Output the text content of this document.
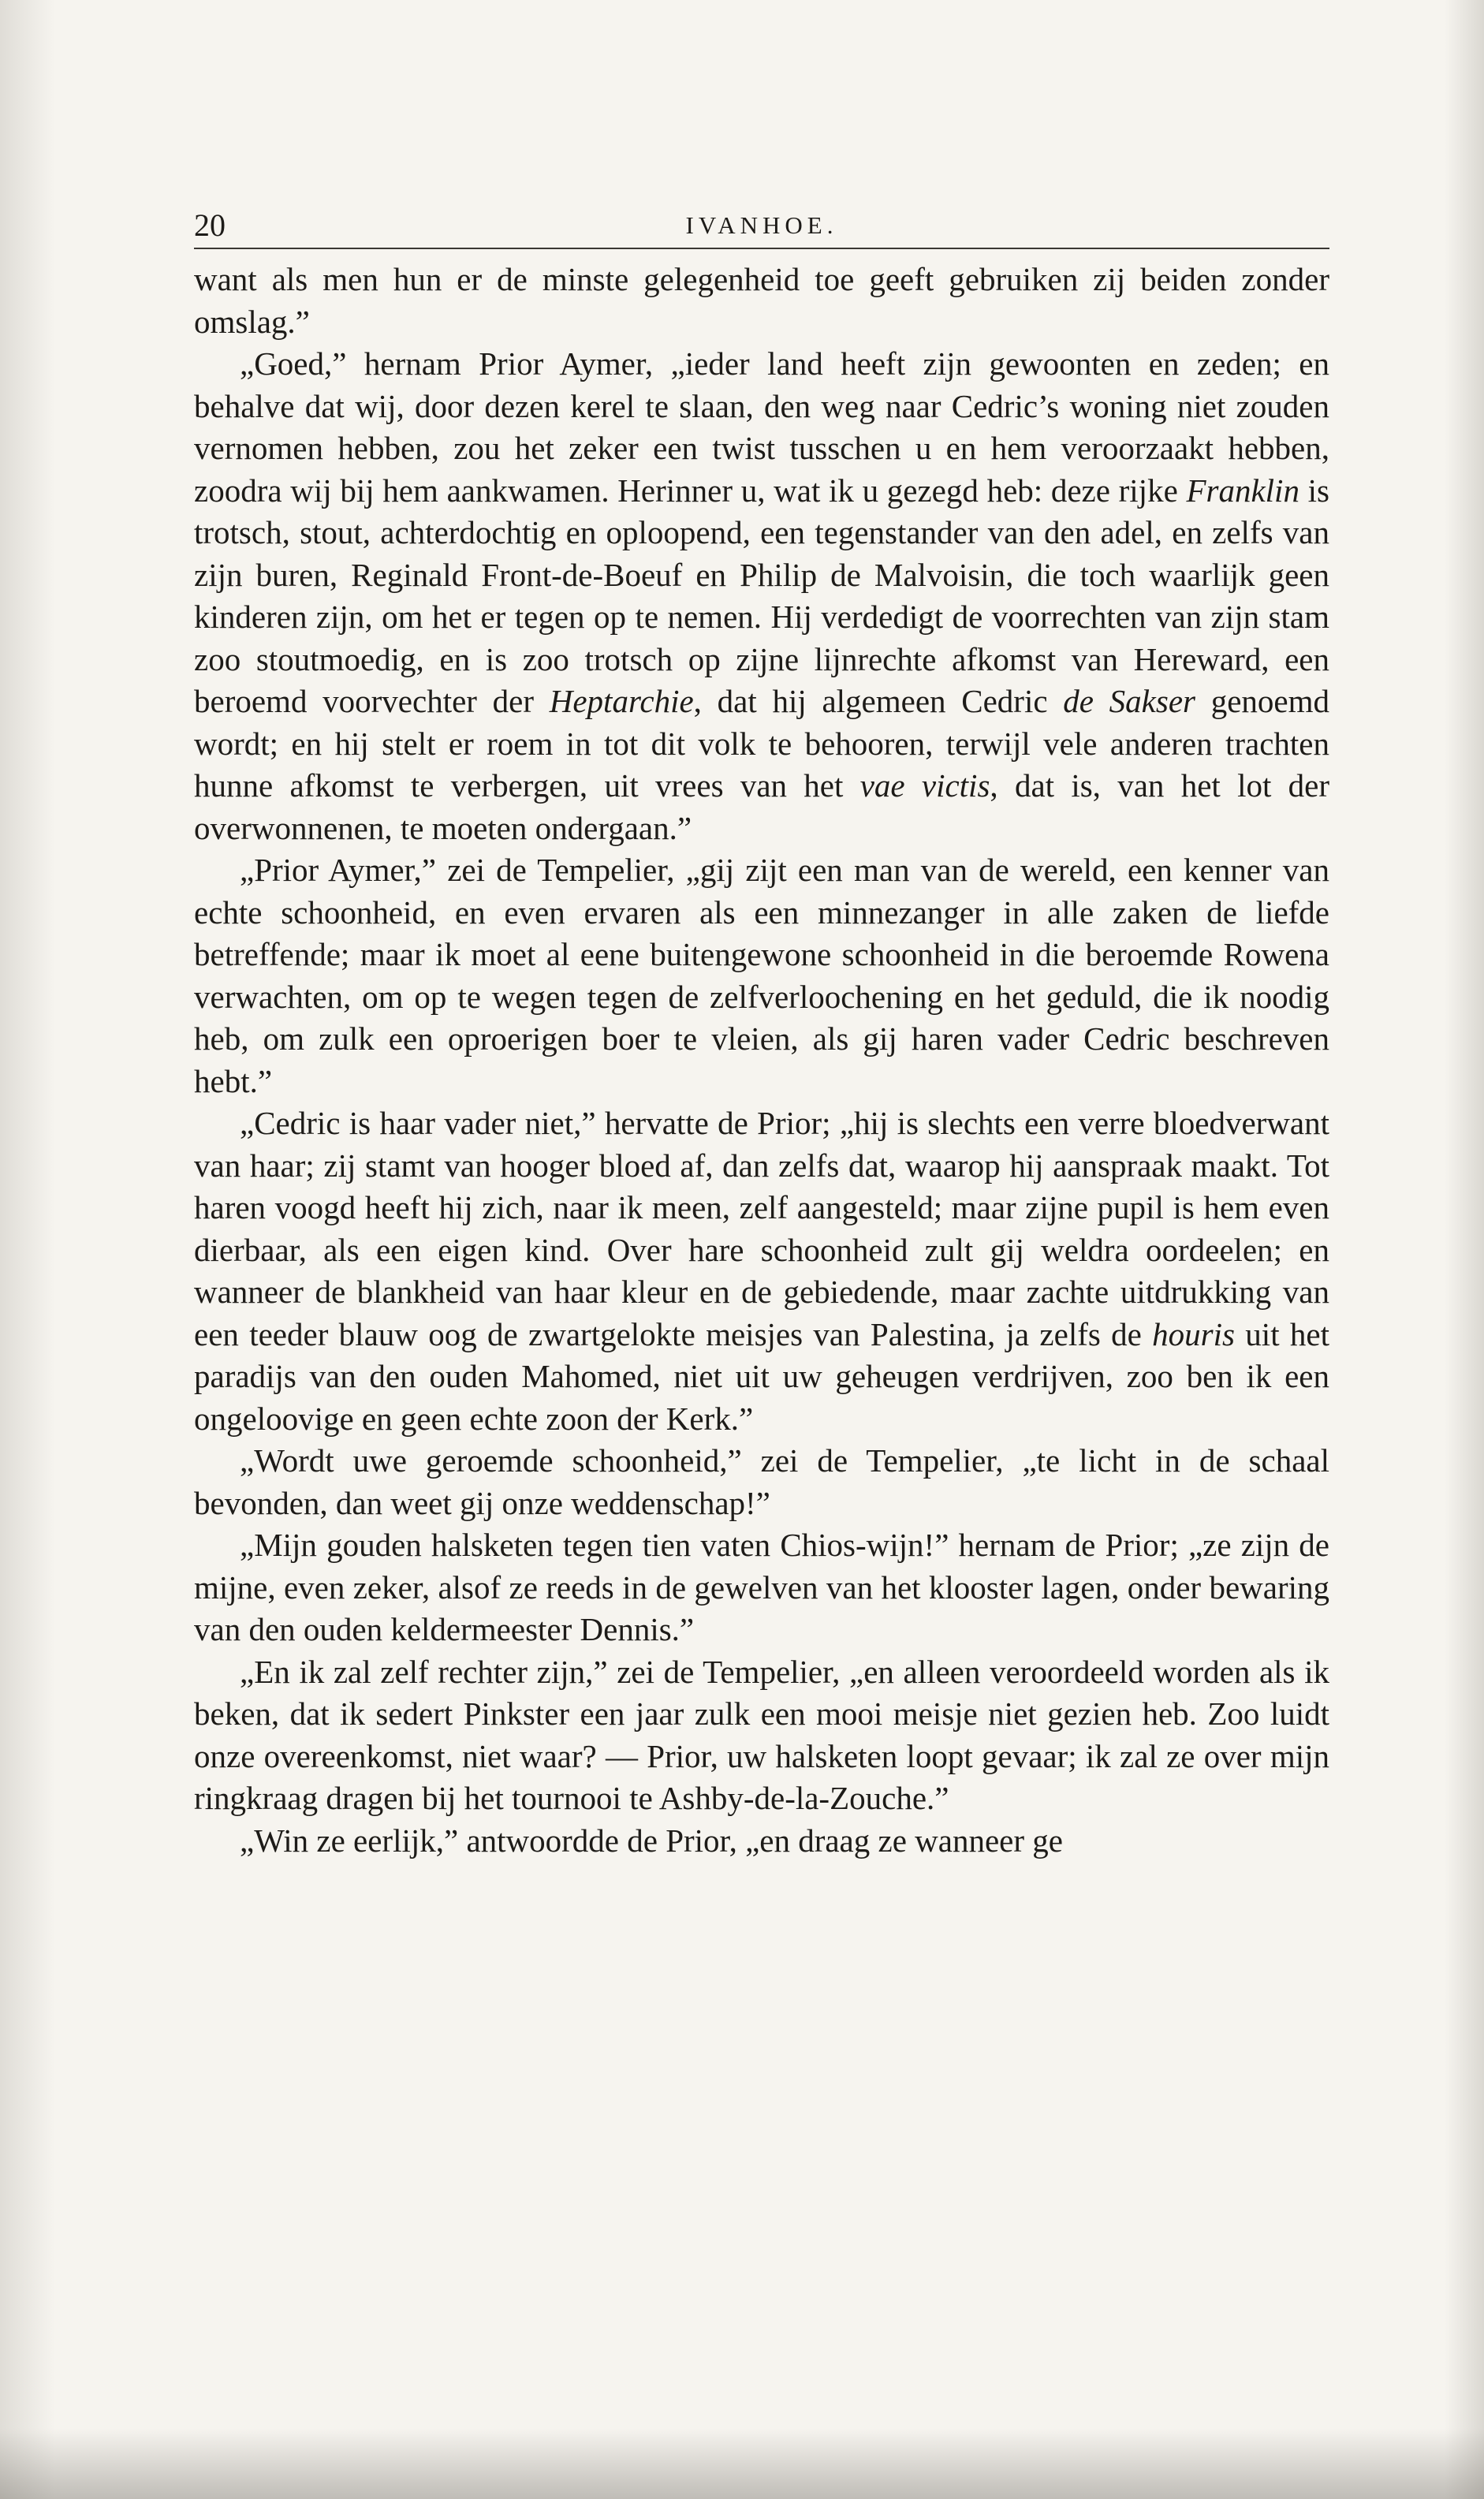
20	IVANHOE.

want als men hun er de minste gelegenheid toe geeft gebruiken zij beiden zonder omslag.”

„Goed,” hernam Prior Aymer, „ieder land heeft zijn gewoonten en zeden; en behalve dat wij, door dezen kerel te slaan, den weg naar Cedric’s woning niet zouden vernomen hebben, zou het zeker een twist tusschen u en hem veroorzaakt hebben, zoodra wij bij hem aankwamen. Herinner u, wat ik u gezegd heb: deze rijke Franklin is trotsch, stout, achterdochtig en oploopend, een tegenstander van den adel, en zelfs van zijn buren, Reginald Front-de-Boeuf en Philip de Malvoisin, die toch waarlijk geen kinderen zijn, om het er tegen op te nemen. Hij verdedigt de voorrechten van zijn stam zoo stoutmoedig, en is zoo trotsch op zijne lijnrechte afkomst van Hereward, een beroemd voorvechter der Heptarchie, dat hij algemeen Cedric de Sakser genoemd wordt; en hij stelt er roem in tot dit volk te behooren, terwijl vele anderen trachten hunne afkomst te verbergen, uit vrees van het vae victis, dat is, van het lot der overwonnenen, te moeten ondergaan.”

„Prior Aymer,” zei de Tempelier, „gij zijt een man van de wereld, een kenner van echte schoonheid, en even ervaren als een minnezanger in alle zaken de liefde betreffende; maar ik moet al eene buitengewone schoonheid in die beroemde Rowena verwachten, om op te wegen tegen de zelfverloochening en het geduld, die ik noodig heb, om zulk een oproerigen boer te vleien, als gij haren vader Cedric beschreven hebt.”

„Cedric is haar vader niet,” hervatte de Prior; „hij is slechts een verre bloedverwant van haar; zij stamt van hooger bloed af, dan zelfs dat, waarop hij aanspraak maakt. Tot haren voogd heeft hij zich, naar ik meen, zelf aangesteld; maar zijne pupil is hem even dierbaar, als een eigen kind. Over hare schoonheid zult gij weldra oordeelen; en wanneer de blankheid van haar kleur en de gebiedende, maar zachte uitdrukking van een teeder blauw oog de zwartgelokte meisjes van Palestina, ja zelfs de houris uit het paradijs van den ouden Mahomed, niet uit uw geheugen verdrijven, zoo ben ik een ongeloovige en geen echte zoon der Kerk.”

„Wordt uwe geroemde schoonheid,” zei de Tempelier, „te licht in de schaal bevonden, dan weet gij onze weddenschap!”

„Mijn gouden halsketen tegen tien vaten Chios-wijn!” hernam de Prior; „ze zijn de mijne, even zeker, alsof ze reeds in de gewelven van het klooster lagen, onder bewaring van den ouden keldermeester Dennis.”

„En ik zal zelf rechter zijn,” zei de Tempelier, „en alleen veroordeeld worden als ik beken, dat ik sedert Pinkster een jaar zulk een mooi meisje niet gezien heb. Zoo luidt onze overeenkomst, niet waar? — Prior, uw halsketen loopt gevaar; ik zal ze over mijn ringkraag dragen bij het tournooi te Ashby-de-la-Zouche.”

„Win ze eerlijk,” antwoordde de Prior, „en draag ze wanneer ge
